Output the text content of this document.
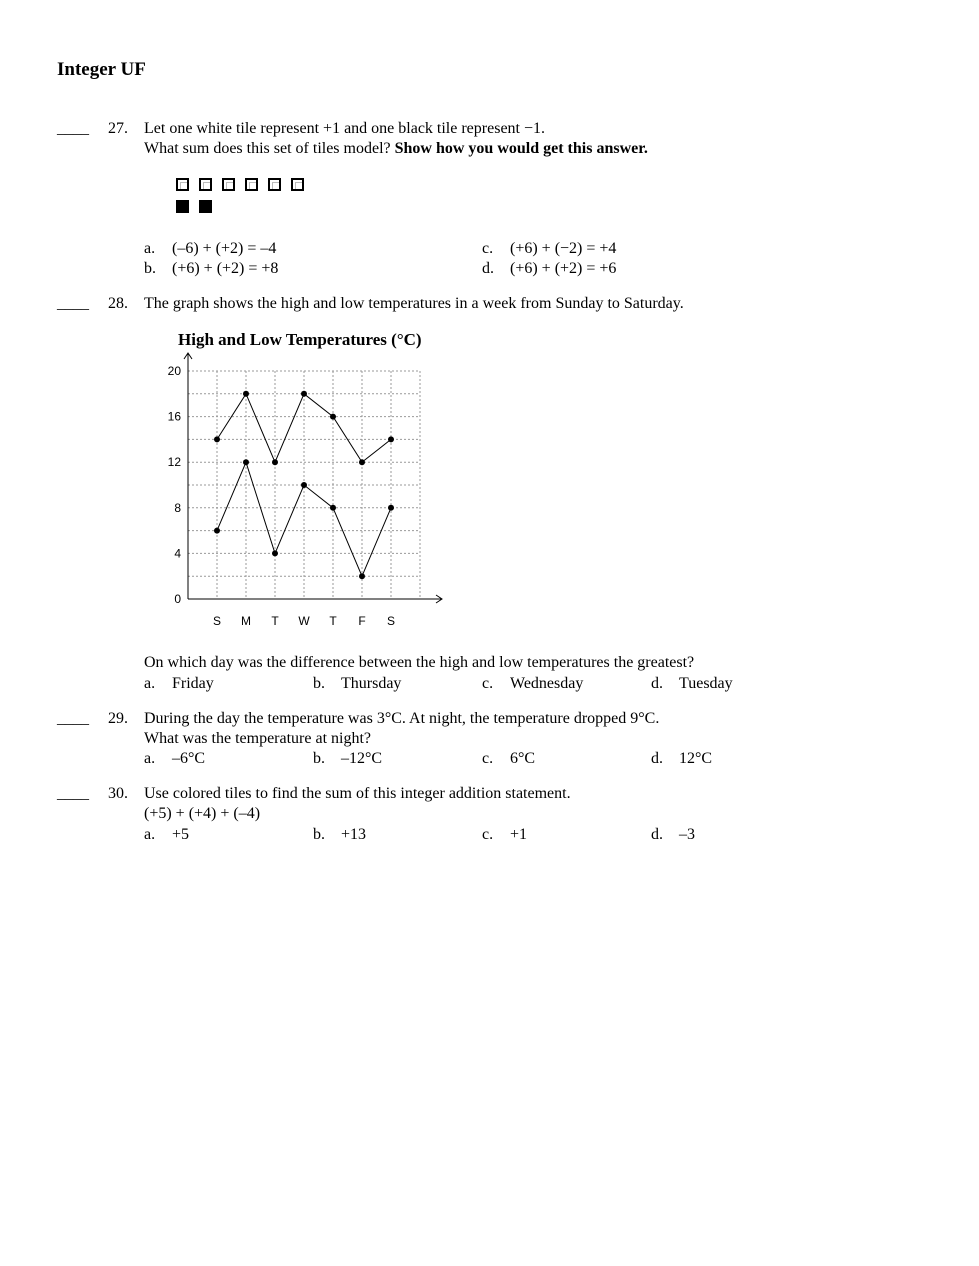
Integer UF
____ 27. Let one white tile represent +1 and one black tile represent −1.
What sum does this set of tiles model? Show how you would get this answer.
a. (–6) + (+2) = –4
b. (+6) + (+2) = +8
c. (+6) + (−2) = +4
d. (+6) + (+2) = +6
____ 28. The graph shows the high and low temperatures in a week from Sunday to Saturday.
High and Low Temperatures (°C)
0
4
8
12
16
20
S M T W T F S
On which day was the difference between the high and low temperatures the greatest?
a. Friday	b. Thursday	c. Wednesday	d. Tuesday
____ 29. During the day the temperature was 3°C. At night, the temperature dropped 9°C.
What was the temperature at night?
a. –6°C	b. –12°C	c. 6°C	d. 12°C
____ 30. Use colored tiles to find the sum of this integer addition statement.
(+5) + (+4) + (–4)
a. +5	b. +13	c. +1	d. –3
